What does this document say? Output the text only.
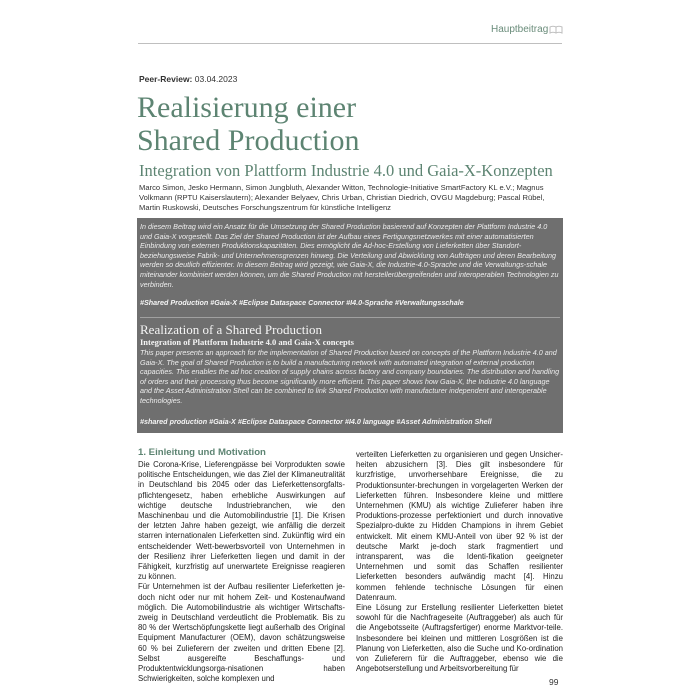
Hauptbeitrag
Peer-Review: 03.04.2023
Realisierung einer
Shared Production
Integration von Plattform Industrie 4.0 und Gaia-X-Konzepten
Marco Simon, Jesko Hermann, Simon Jungbluth, Alexander Witton, Technologie-Initiative SmartFactory KL e.V.; Magnus Volkmann (RPTU Kaiserslautern); Alexander Belyaev, Chris Urban, Christian Diedrich, OVGU Magdeburg; Pascal Rübel, Martin Ruskowski, Deutsches Forschungszentrum für künstliche Intelligenz
In diesem Beitrag wird ein Ansatz für die Umsetzung der Shared Production basierend auf Konzepten der Plattform Industrie 4.0 und Gaia-X vorgestellt. Das Ziel der Shared Production ist der Aufbau eines Fertigungsnetzwerkes mit einer automatisierten Einbindung von externen Produktionskapazitäten. Dies ermöglicht die Ad-hoc-Erstellung von Lieferketten über Standort-beziehungsweise Fabrik- und Unternehmensgrenzen hinweg. Die Verteilung und Abwicklung von Aufträgen und deren Bearbeitung werden so deutlich effizienter. In diesem Beitrag wird gezeigt, wie Gaia-X, die Industrie-4.0-Sprache und die Verwaltungs-schale miteinander kombiniert werden können, um die Shared Production mit herstellerübergreifenden und interoperablen Technologien zu verbinden.
#Shared Production #Gaia-X #Eclipse Dataspace Connector #I4.0-Sprache #Verwaltungsschale
Realization of a Shared Production
Integration of Plattform Industrie 4.0 and Gaia-X concepts
This paper presents an approach for the implementation of Shared Production based on concepts of the Plattform Industrie 4.0 and Gaia-X. The goal of Shared Production is to build a manufacturing network with automated integration of external production capacities. This enables the ad hoc creation of supply chains across factory and company boundaries. The distribution and handling of orders and their processing thus become significantly more efficient. This paper shows how Gaia-X, the Industrie 4.0 language and the Asset Administration Shell can be combined to link Shared Production with manufacturer independent and interoperable technologies.
#shared production #Gaia-X #Eclipse Dataspace Connector #I4.0 language #Asset Administration Shell
1. Einleitung und Motivation

Die Corona-Krise, Lieferengpässe bei Vorprodukten sowie politische Entscheidungen, wie das Ziel der Klimaneutralität in Deutschland bis 2045 oder das Lieferkettensorgfalts-pflichtengesetz, haben erhebliche Auswirkungen auf wichtige deutsche Industriebranchen, wie den Maschinenbau und die Automobilindustrie [1]. Die Krisen der letzten Jahre haben gezeigt, wie anfällig die derzeit starren internationalen Lieferketten sind. Zukünftig wird ein entscheidender Wett-bewerbsvorteil von Unternehmen in der Resilienz ihrer Lieferketten liegen und damit in der Fähigkeit, kurzfristig auf unerwartete Ereignisse reagieren zu können.

Für Unternehmen ist der Aufbau resilienter Lieferketten je-doch nicht oder nur mit hohem Zeit- und Kostenaufwand möglich. Die Automobilindustrie als wichtiger Wirtschafts-zweig in Deutschland verdeutlicht die Problematik. Bis zu 80 % der Wertschöpfungskette liegt außerhalb des Original Equipment Manufacturer (OEM), davon schätzungsweise 60 % bei Zulieferern der zweiten und dritten Ebene [2]. Selbst ausgereifte Beschaffungs- und Produktentwicklungsorga-nisationen haben Schwierigkeiten, solche komplexen und

verteilten Lieferketten zu organisieren und gegen Unsicher-heiten abzusichern [3]. Dies gilt insbesondere für kurzfristige, unvorhersehbare Ereignisse, die zu Produktionsunter-brechungen in vorgelagerten Werken der Lieferketten führen. Insbesondere kleine und mittlere Unternehmen (KMU) als wichtige Zulieferer haben ihre Produktions-prozesse perfektioniert und durch innovative Spezialpro-dukte zu Hidden Champions in ihrem Gebiet entwickelt. Mit einem KMU-Anteil von über 92 % ist der deutsche Markt je-doch stark fragmentiert und intransparent, was die Identi-fikation geeigneter Unternehmen und somit das Schaffen resilienter Lieferketten besonders aufwändig macht [4]. Hinzu kommen fehlende technische Lösungen für einen Datenraum.

Eine Lösung zur Erstellung resilienter Lieferketten bietet sowohl für die Nachfrageseite (Auftraggeber) als auch für die Angebotsseite (Auftragsfertiger) enorme Marktvor-teile. Insbesondere bei kleinen und mittleren Losgrößen ist die Planung von Lieferketten, also die Suche und Ko-ordination von Zulieferern für die Auftraggeber, ebenso wie die Angebotserstellung und Arbeitsvorbereitung für

99
